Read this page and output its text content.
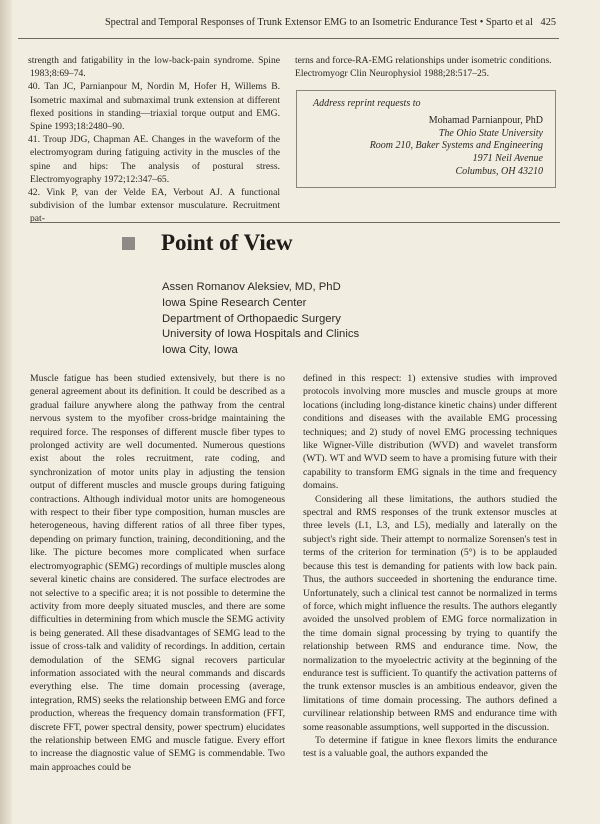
Spectral and Temporal Responses of Trunk Extensor EMG to an Isometric Endurance Test • Sparto et al 425

strength and fatigability in the low-back-pain syndrome. Spine 1983;8:69–74.

40. Tan JC, Parnianpour M, Nordin M, Hofer H, Willems B. Isometric maximal and submaximal trunk extension at different flexed positions in standing—triaxial torque output and EMG. Spine 1993;18:2480–90.

41. Troup JDG, Chapman AE. Changes in the waveform of the electromyogram during fatiguing activity in the muscles of the spine and hips: The analysis of postural stress. Electromyography 1972;12:347–65.

42. Vink P, van der Velde EA, Verbout AJ. A functional subdivision of the lumbar extensor musculature. Recruitment pat-

terns and force-RA-EMG relationships under isometric conditions. Electromyogr Clin Neurophysiol 1988;28:517–25.
Address reprint requests to
Mohamad Parnianpour, PhD
The Ohio State University
Room 210, Baker Systems and Engineering
1971 Neil Avenue
Columbus, OH 43210
Point of View
Assen Romanov Aleksiev, MD, PhD
Iowa Spine Research Center
Department of Orthopaedic Surgery
University of Iowa Hospitals and Clinics
Iowa City, Iowa

Muscle fatigue has been studied extensively, but there is no general agreement about its definition. It could be described as a gradual failure anywhere along the pathway from the central nervous system to the myofiber cross-bridge maintaining the required force. The responses of different muscle fiber types to prolonged activity are well documented. Numerous questions exist about the roles recruitment, rate coding, and synchronization of motor units play in adjusting the tension output of different muscles and muscle groups during fatiguing contractions. Although individual motor units are homogeneous with respect to their fiber type composition, human muscles are heterogeneous, having different ratios of all three fiber types, depending on primary function, training, deconditioning, and the like. The picture becomes more complicated when surface electromyographic (SEMG) recordings of multiple muscles along several kinetic chains are considered. The surface electrodes are not selective to a specific area; it is not possible to determine the activity from more deeply situated muscles, and there are some difficulties in determining from which muscle the SEMG activity is being generated. All these disadvantages of SEMG lead to the issue of cross-talk and validity of recordings. In addition, certain demodulation of the SEMG signal recovers particular information associated with the neural commands and discards everything else. The time domain processing (average, integration, RMS) seeks the relationship between EMG and force production, whereas the frequency domain transformation (FFT, discrete FFT, power spectral density, power spectrum) elucidates the relationship between EMG and muscle fatigue. Every effort to increase the diagnostic value of SEMG is commendable. Two main approaches could be

defined in this respect: 1) extensive studies with improved protocols involving more muscles and muscle groups at more locations (including long-distance kinetic chains) under different conditions and diseases with the available EMG processing techniques; and 2) study of novel EMG processing techniques like Wigner-Ville distribution (WVD) and wavelet transform (WT). WT and WVD seem to have a promising future with their capability to transform EMG signals in the time and frequency domains.

Considering all these limitations, the authors studied the spectral and RMS responses of the trunk extensor muscles at three levels (L1, L3, and L5), medially and laterally on the subject's right side. Their attempt to normalize Sorensen's test in terms of the criterion for termination (5°) is to be applauded because this test is demanding for patients with low back pain. Thus, the authors succeeded in shortening the endurance time. Unfortunately, such a clinical test cannot be normalized in terms of force, which might influence the results. The authors elegantly avoided the unsolved problem of EMG force normalization in the time domain signal processing by trying to quantify the relationship between RMS and endurance time. Now, the normalization to the myoelectric activity at the beginning of the endurance test is sufficient. To quantify the activation patterns of the trunk extensor muscles is an ambitious endeavor, given the limitations of time domain processing. The authors defined a curvilinear relationship between RMS and endurance time with some reasonable assumptions, well supported in the discussion.

To determine if fatigue in knee flexors limits the endurance test is a valuable goal, the authors expanded the
